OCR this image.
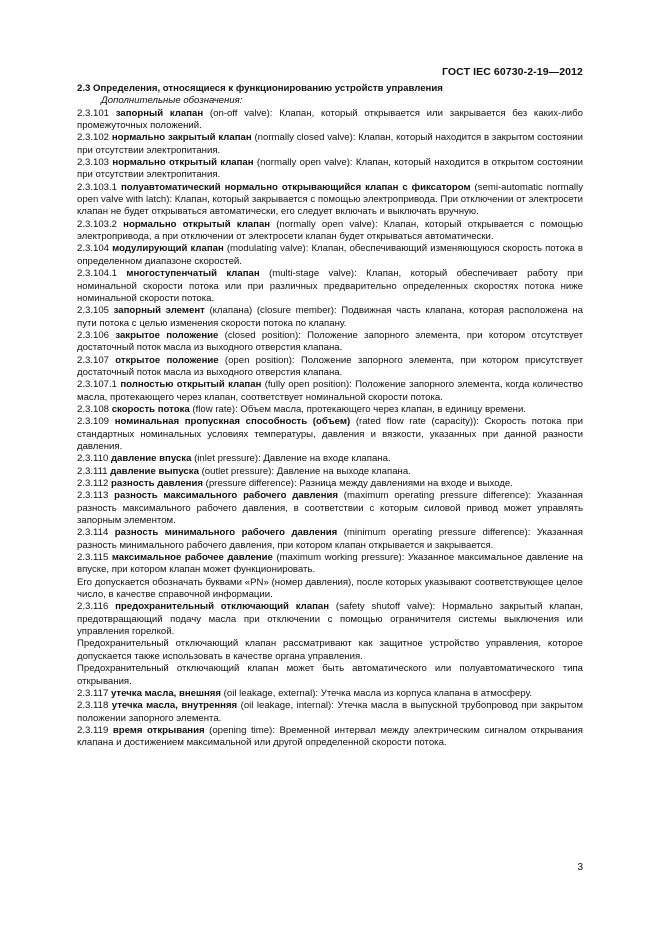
ГОСТ IEC 60730-2-19—2012

2.3 Определения, относящиеся к функционированию устройств управления

Дополнительные обозначения:

2.3.101 запорный клапан (on-off valve): Клапан, который открывается или закрывается без каких-либо промежуточных положений.

2.3.102 нормально закрытый клапан (normally closed valve): Клапан, который находится в закрытом состоянии при отсутствии электропитания.

2.3.103 нормально открытый клапан (normally open valve): Клапан, который находится в открытом состоянии при отсутствии электропитания.

2.3.103.1 полуавтоматический нормально открывающийся клапан с фиксатором (semi-automatic normally open valve with latch): Клапан, который закрывается с помощью электропривода. При отключении от электросети клапан не будет открываться автоматически, его следует включать и выключать вручную.

2.3.103.2 нормально открытый клапан (normally open valve): Клапан, который открывается с помощью электропривода, а при отключении от электросети клапан будет открываться автоматически.

2.3.104 модулирующий клапан (modulating valve): Клапан, обеспечивающий изменяющуюся скорость потока в определенном диапазоне скоростей.

2.3.104.1 многоступенчатый клапан (multi-stage valve): Клапан, который обеспечивает работу при номинальной скорости потока или при различных предварительно определенных скоростях потока ниже номинальной скорости потока.

2.3.105 запорный элемент (клапана) (closure member): Подвижная часть клапана, которая расположена на пути потока с целью изменения скорости потока по клапану.

2.3.106 закрытое положение (closed position): Положение запорного элемента, при котором отсутствует достаточный поток масла из выходного отверстия клапана.

2.3.107 открытое положение (open position): Положение запорного элемента, при котором присутствует достаточный поток масла из выходного отверстия клапана.

2.3.107.1 полностью открытый клапан (fully open position): Положение запорного элемента, когда количество масла, протекающего через клапан, соответствует номинальной скорости потока.

2.3.108 скорость потока (flow rate): Объем масла, протекающего через клапан, в единицу времени.

2.3.109 номинальная пропускная способность (объем) (rated flow rate (capacity)): Скорость потока при стандартных номинальных условиях температуры, давления и вязкости, указанных при данной разности давления.

2.3.110 давление впуска (inlet pressure): Давление на входе клапана.

2.3.111 давление выпуска (outlet pressure): Давление на выходе клапана.

2.3.112 разность давления (pressure difference): Разница между давлениями на входе и выходе.

2.3.113 разность максимального рабочего давления (maximum operating pressure difference): Указанная разность максимального рабочего давления, в соответствии с которым силовой привод может управлять запорным элементом.

2.3.114 разность минимального рабочего давления (minimum operating pressure difference): Указанная разность минимального рабочего давления, при котором клапан открывается и закрывается.

2.3.115 максимальное рабочее давление (maximum working pressure): Указанное максимальное давление на впуске, при котором клапан может функционировать.

Его допускается обозначать буквами «PN» (номер давления), после которых указывают соответствующее целое число, в качестве справочной информации.

2.3.116 предохранительный отключающий клапан (safety shutoff valve): Нормально закрытый клапан, предотвращающий подачу масла при отключении с помощью ограничителя системы выключения или управления горелкой.

Предохранительный отключающий клапан рассматривают как защитное устройство управления, которое допускается также использовать в качестве органа управления.

Предохранительный отключающий клапан может быть автоматического или полуавтоматического типа открывания.

2.3.117 утечка масла, внешняя (oil leakage, external): Утечка масла из корпуса клапана в атмосферу.

2.3.118 утечка масла, внутренняя (oil leakage, internal): Утечка масла в выпускной трубопровод при закрытом положении запорного элемента.

2.3.119 время открывания (opening time): Временной интервал между электрическим сигналом открывания клапана и достижением максимальной или другой определенной скорости потока.

3
